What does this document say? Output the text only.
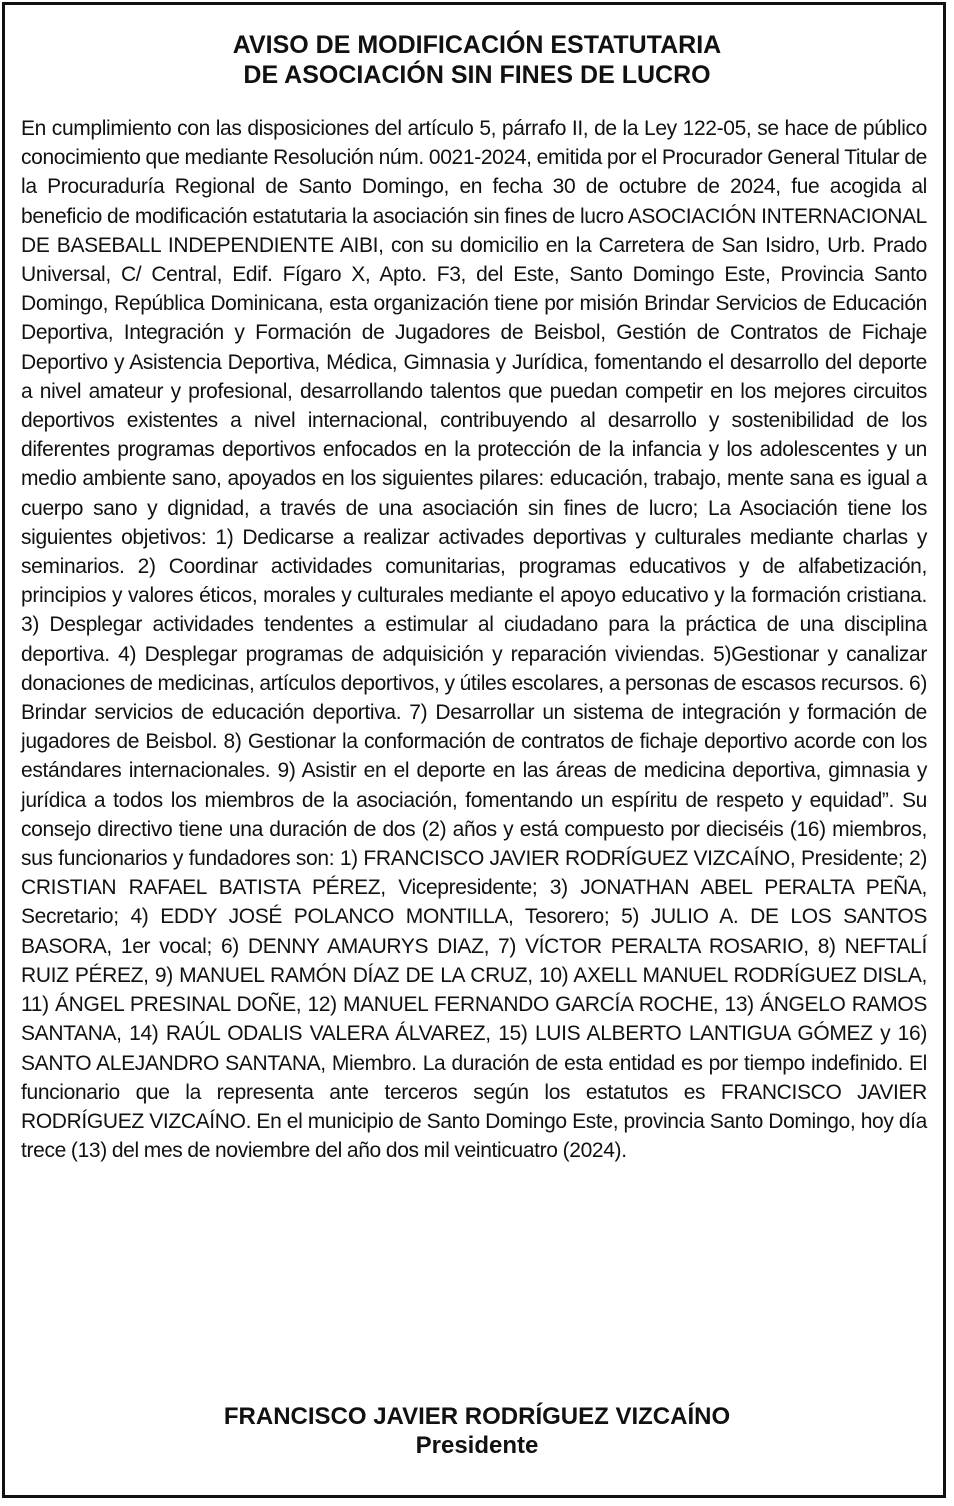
AVISO DE MODIFICACIÓN ESTATUTARIA
DE ASOCIACIÓN SIN FINES DE LUCRO

En cumplimiento con las disposiciones del artículo 5, párrafo II, de la Ley 122-05, se hace de público conocimiento que mediante Resolución núm. 0021-2024, emitida por el Procurador General Titular de la Procuraduría Regional de Santo Domingo, en fecha 30 de octubre de 2024, fue acogida al beneficio de modificación estatutaria la asociación sin fines de lucro ASOCIACIÓN INTERNACIONAL DE BASEBALL INDEPENDIENTE AIBI, con su domicilio en la Carretera de San Isidro, Urb. Prado Universal, C/ Central, Edif. Fígaro X, Apto. F3, del Este, Santo Domingo Este, Provincia Santo Domingo, República Dominicana, esta organización tiene por misión Brindar Servicios de Educación Deportiva, Integración y Formación de Jugadores de Beisbol, Gestión de Contratos de Fichaje Deportivo y Asistencia Deportiva, Médica, Gimnasia y Jurídica, fomentando el desarrollo del deporte a nivel amateur y profesional, desarrollando talentos que puedan competir en los mejores circuitos deportivos existentes a nivel internacional, contribuyendo al desarrollo y sostenibilidad de los diferentes programas deportivos enfocados en la protección de la infancia y los adolescentes y un medio ambiente sano, apoyados en los siguientes pilares: educación, trabajo, mente sana es igual a cuerpo sano y dignidad, a través de una asociación sin fines de lucro; La Asociación tiene los siguientes objetivos: 1) Dedicarse a realizar activades deportivas y culturales mediante charlas y seminarios. 2) Coordinar actividades comunitarias, programas educativos y de alfabetización, principios y valores éticos, morales y culturales mediante el apoyo educativo y la formación cristiana. 3) Desplegar actividades tendentes a estimular al ciudadano para la práctica de una disciplina deportiva. 4) Desplegar programas de adquisición y reparación viviendas. 5)Gestionar y canalizar donaciones de medicinas, artículos deportivos, y útiles escolares, a personas de escasos recursos. 6) Brindar servicios de educación deportiva. 7) Desarrollar un sistema de integración y formación de jugadores de Beisbol. 8) Gestionar la conformación de contratos de fichaje deportivo acorde con los estándares internacionales. 9) Asistir en el deporte en las áreas de medicina deportiva, gimnasia y jurídica a todos los miembros de la asociación, fomentando un espíritu de respeto y equidad”. Su consejo directivo tiene una duración de dos (2) años y está compuesto por dieciséis (16) miembros, sus funcionarios y fundadores son: 1) FRANCISCO JAVIER RODRÍGUEZ VIZCAÍNO, Presidente; 2) CRISTIAN RAFAEL BATISTA PÉREZ, Vicepresidente; 3) JONATHAN ABEL PERALTA PEÑA, Secretario; 4) EDDY JOSÉ POLANCO MONTILLA, Tesorero; 5) JULIO A. DE LOS SANTOS BASORA, 1er vocal; 6) DENNY AMAURYS DIAZ, 7) VÍCTOR PERALTA ROSARIO, 8) NEFTALÍ RUIZ PÉREZ, 9) MANUEL RAMÓN DÍAZ DE LA CRUZ, 10) AXELL MANUEL RODRÍGUEZ DISLA, 11) ÁNGEL PRESINAL DOÑE, 12) MANUEL FERNANDO GARCÍA ROCHE, 13) ÁNGELO RAMOS SANTANA, 14) RAÚL ODALIS VALERA ÁLVAREZ, 15) LUIS ALBERTO LANTIGUA GÓMEZ y 16) SANTO ALEJANDRO SANTANA, Miembro. La duración de esta entidad es por tiempo indefinido. El funcionario que la representa ante terceros según los estatutos es FRANCISCO JAVIER RODRÍGUEZ VIZCAÍNO. En el municipio de Santo Domingo Este, provincia Santo Domingo, hoy día trece (13) del mes de noviembre del año dos mil veinticuatro (2024).

FRANCISCO JAVIER RODRÍGUEZ VIZCAÍNO
Presidente
